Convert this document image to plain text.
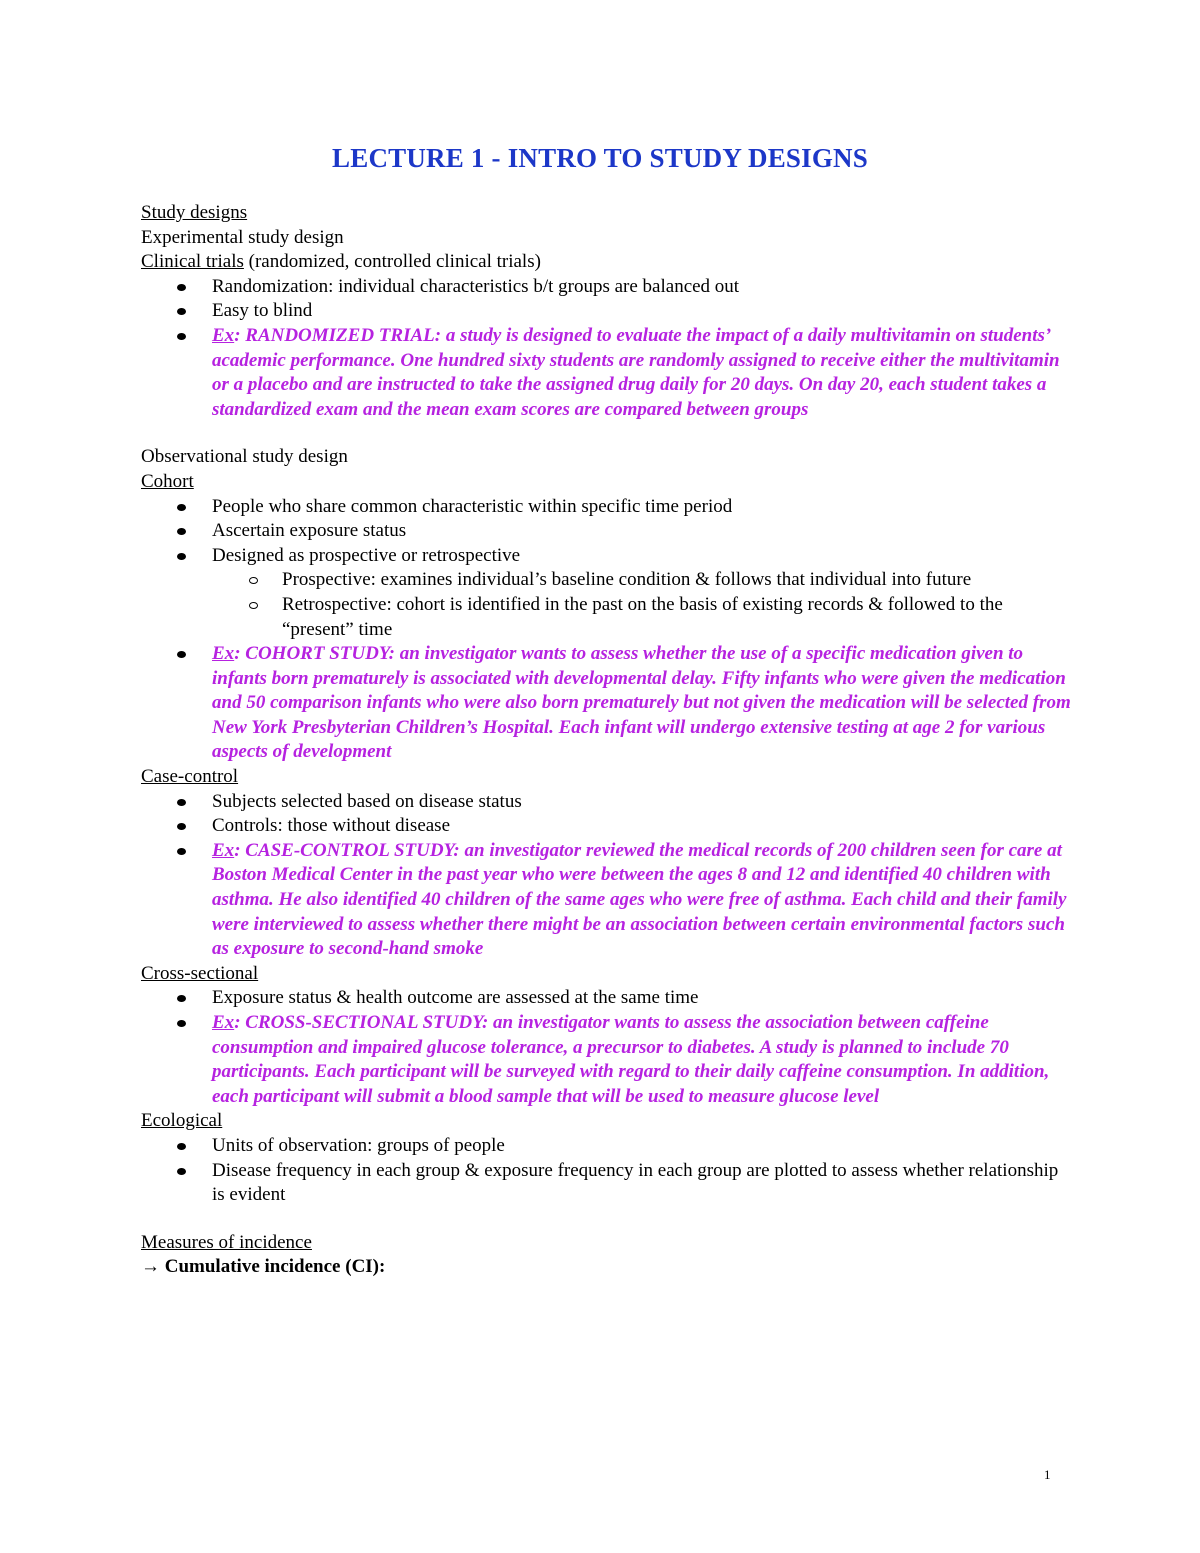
LECTURE 1 - INTRO TO STUDY DESIGNS

Study designs

Experimental study design

Clinical trials (randomized, controlled clinical trials)

Randomization: individual characteristics b/t groups are balanced out
Easy to blind
Ex: RANDOMIZED TRIAL: a study is designed to evaluate the impact of a daily multivitamin on students’ academic performance. One hundred sixty students are randomly assigned to receive either the multivitamin or a placebo and are instructed to take the assigned drug daily for 20 days. On day 20, each student takes a standardized exam and the mean exam scores are compared between groups

Observational study design

Cohort

People who share common characteristic within specific time period
Ascertain exposure status
Designed as prospective or retrospective
Prospective: examines individual’s baseline condition & follows that individual into future
Retrospective: cohort is identified in the past on the basis of existing records & followed to the “present” time
Ex: COHORT STUDY: an investigator wants to assess whether the use of a specific medication given to infants born prematurely is associated with developmental delay. Fifty infants who were given the medication and 50 comparison infants who were also born prematurely but not given the medication will be selected from New York Presbyterian Children’s Hospital. Each infant will undergo extensive testing at age 2 for various aspects of development

Case-control

Subjects selected based on disease status
Controls: those without disease
Ex: CASE-CONTROL STUDY: an investigator reviewed the medical records of 200 children seen for care at Boston Medical Center in the past year who were between the ages 8 and 12 and identified 40 children with asthma. He also identified 40 children of the same ages who were free of asthma. Each child and their family were interviewed to assess whether there might be an association between certain environmental factors such as exposure to second-hand smoke

Cross-sectional

Exposure status & health outcome are assessed at the same time
Ex: CROSS-SECTIONAL STUDY: an investigator wants to assess the association between caffeine consumption and impaired glucose tolerance, a precursor to diabetes. A study is planned to include 70 participants. Each participant will be surveyed with regard to their daily caffeine consumption. In addition, each participant will submit a blood sample that will be used to measure glucose level

Ecological

Units of observation: groups of people
Disease frequency in each group & exposure frequency in each group are plotted to assess whether relationship is evident

Measures of incidence

→ Cumulative incidence (CI):

1
